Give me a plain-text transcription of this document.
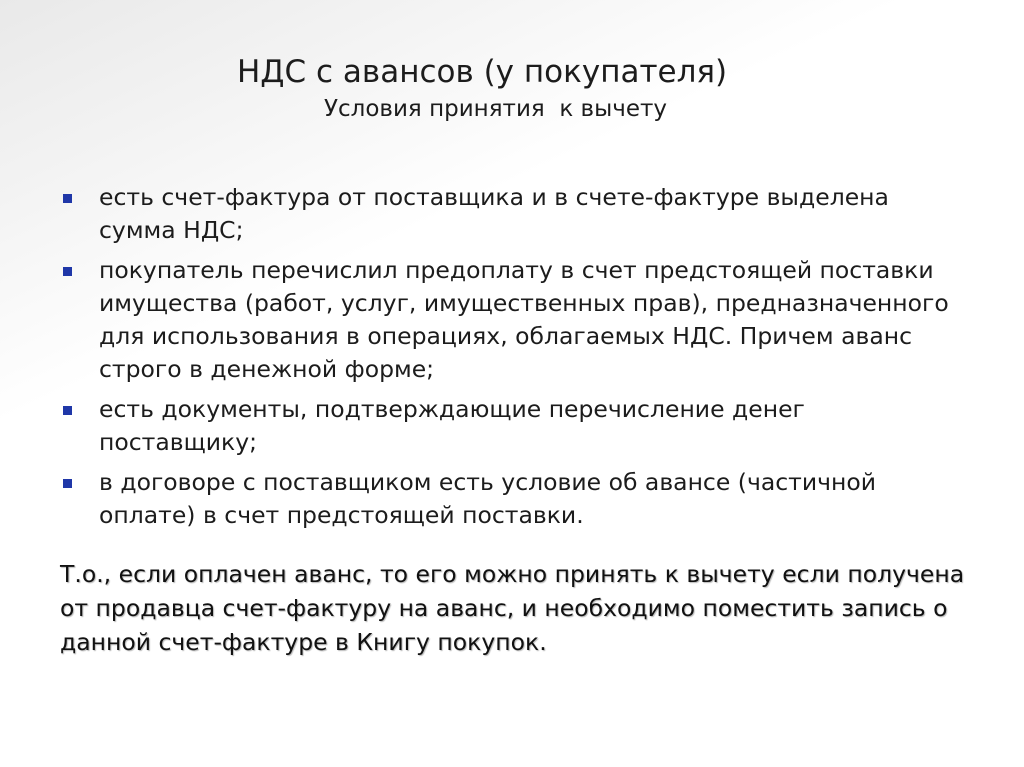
НДС с авансов (у покупателя)
Условия принятия  к вычету
есть счет-фактура от поставщика и в счете-фактуре выделена сумма НДС;
покупатель перечислил предоплату в счет предстоящей поставки имущества (работ, услуг, имущественных прав), предназначенного для использования в операциях, облагаемых НДС. Причем аванс строго в денежной форме;
есть документы, подтверждающие перечисление денег поставщику;
в договоре с поставщиком есть условие об авансе (частичной оплате) в счет предстоящей поставки.
Т.о., если оплачен аванс, то его можно принять к вычету если получена от продавца счет-фактуру на аванс, и необходимо поместить запись о данной счет-фактуре в Книгу покупок.
